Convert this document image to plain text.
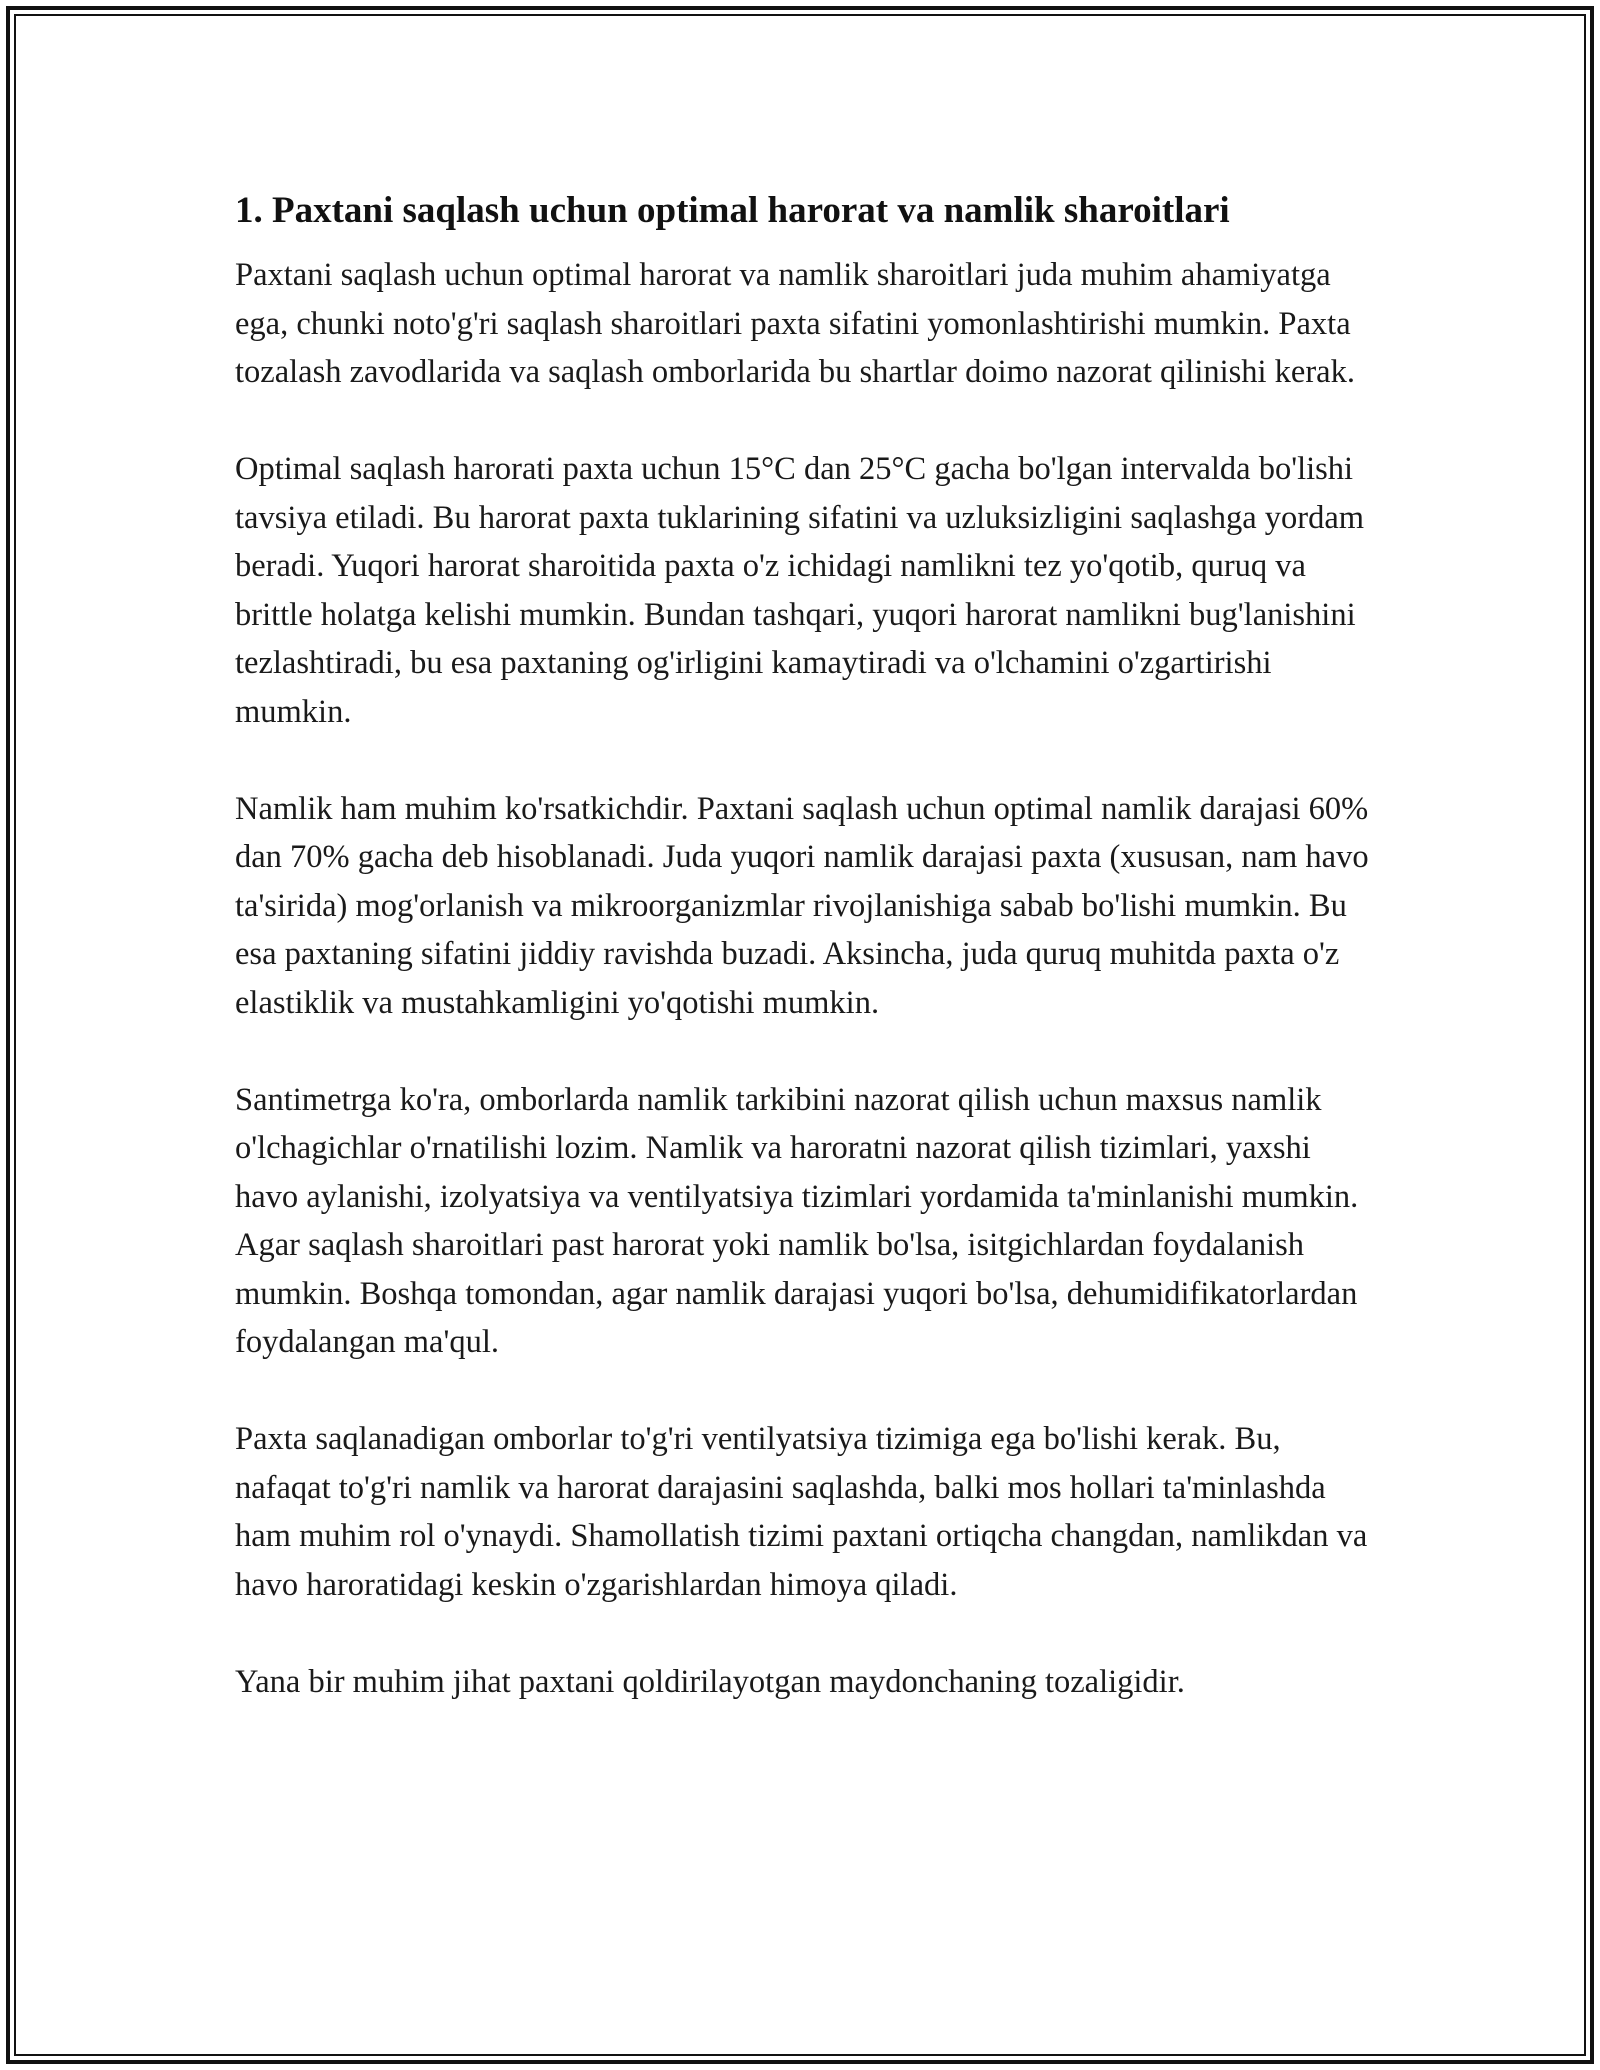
1. Paxtani saqlash uchun optimal harorat va namlik sharoitlari

Paxtani saqlash uchun optimal harorat va namlik sharoitlari juda muhim ahamiyatga ega, chunki noto'g'ri saqlash sharoitlari paxta sifatini yomonlashtirishi mumkin. Paxta tozalash zavodlarida va saqlash omborlarida bu shartlar doimo nazorat qilinishi kerak.

Optimal saqlash harorati paxta uchun 15°C dan 25°C gacha bo'lgan intervalda bo'lishi tavsiya etiladi. Bu harorat paxta tuklarining sifatini va uzluksizligini saqlashga yordam beradi. Yuqori harorat sharoitida paxta o'z ichidagi namlikni tez yo'qotib, quruq va brittle holatga kelishi mumkin. Bundan tashqari, yuqori harorat namlikni bug'lanishini tezlashtiradi, bu esa paxtaning og'irligini kamaytiradi va o'lchamini o'zgartirishi mumkin.

Namlik ham muhim ko'rsatkichdir. Paxtani saqlash uchun optimal namlik darajasi 60% dan 70% gacha deb hisoblanadi. Juda yuqori namlik darajasi paxta (xususan, nam havo ta'sirida) mog'orlanish va mikroorganizmlar rivojlanishiga sabab bo'lishi mumkin. Bu esa paxtaning sifatini jiddiy ravishda buzadi. Aksincha, juda quruq muhitda paxta o'z elastiklik va mustahkamligini yo'qotishi mumkin.

Santimetrga ko'ra, omborlarda namlik tarkibini nazorat qilish uchun maxsus namlik o'lchagichlar o'rnatilishi lozim. Namlik va haroratni nazorat qilish tizimlari, yaxshi havo aylanishi, izolyatsiya va ventilyatsiya tizimlari yordamida ta'minlanishi mumkin. Agar saqlash sharoitlari past harorat yoki namlik bo'lsa, isitgichlardan foydalanish mumkin. Boshqa tomondan, agar namlik darajasi yuqori bo'lsa, dehumidifikatorlardan foydalangan ma'qul.

Paxta saqlanadigan omborlar to'g'ri ventilyatsiya tizimiga ega bo'lishi kerak. Bu, nafaqat to'g'ri namlik va harorat darajasini saqlashda, balki mos hollari ta'minlashda ham muhim rol o'ynaydi. Shamollatish tizimi paxtani ortiqcha changdan, namlikdan va havo haroratidagi keskin o'zgarishlardan himoya qiladi.

Yana bir muhim jihat paxtani qoldirilayotgan maydonchaning tozaligidir.
